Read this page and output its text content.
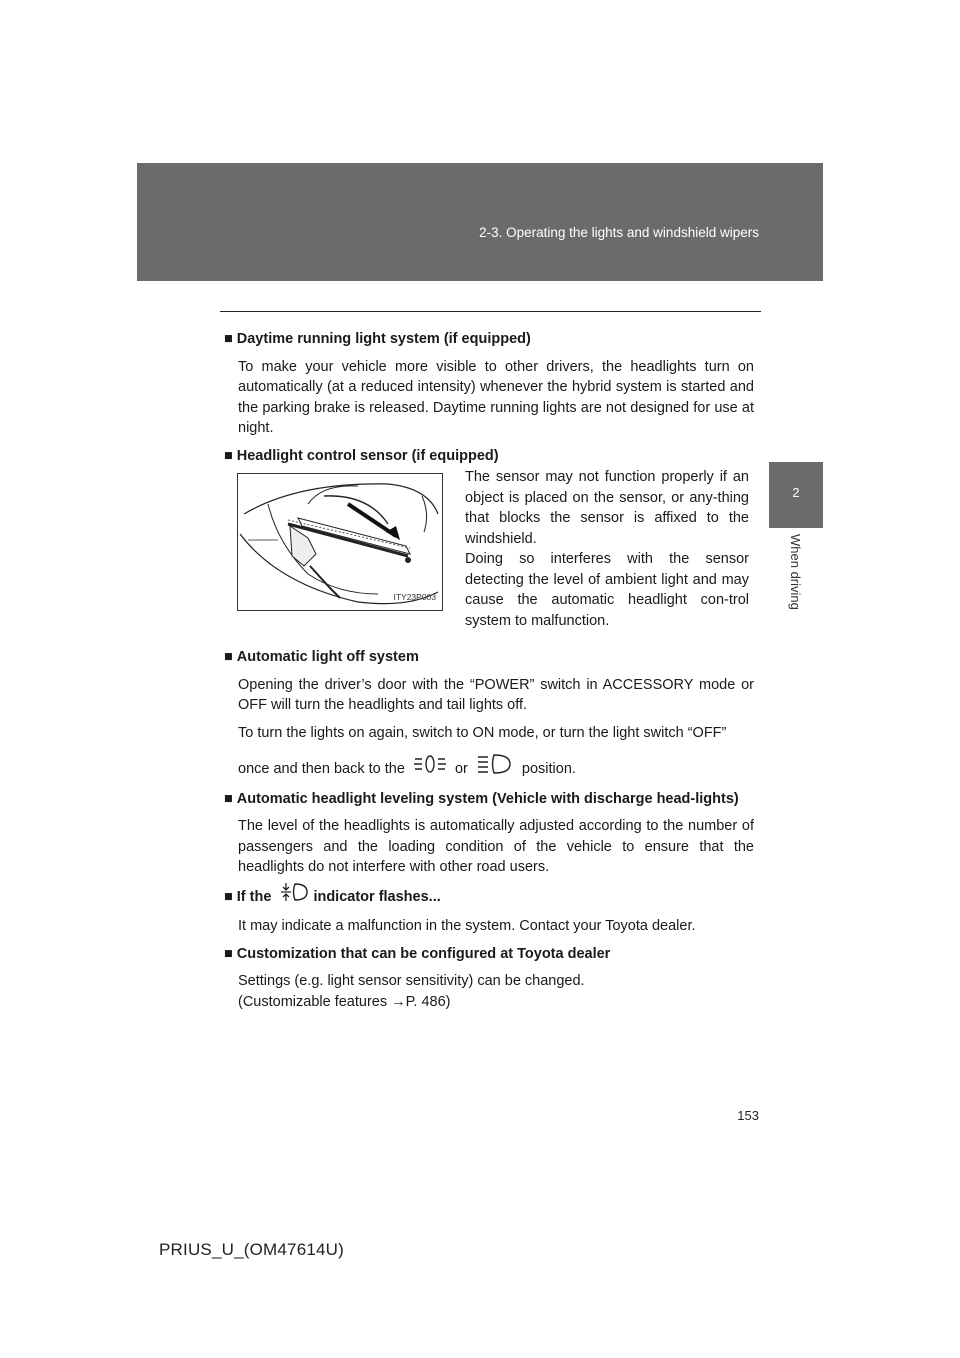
2-3. Operating the lights and windshield wipers
2
When driving
■ Daytime running light system (if equipped)
To make your vehicle more visible to other drivers, the headlights turn on automatically (at a reduced intensity) whenever the hybrid system is started and the parking brake is released. Daytime running lights are not designed for use at night.
■ Headlight control sensor (if equipped)
ITY23P003
The sensor may not function properly if an object is placed on the sensor, or any-thing that blocks the sensor is affixed to the windshield.
Doing so interferes with the sensor detecting the level of ambient light and may cause the automatic headlight con-trol system to malfunction.
■ Automatic light off system
Opening the driver’s door with the “POWER” switch in ACCESSORY mode or OFF will turn the headlights and tail lights off.
To turn the lights on again, switch to ON mode, or turn the light switch “OFF”
once and then back to the	or	position.
■ Automatic headlight leveling system (Vehicle with discharge head-lights)
The level of the headlights is automatically adjusted according to the number of passengers and the loading condition of the vehicle to ensure that the headlights do not interfere with other road users.
■ If the	indicator flashes...
It may indicate a malfunction in the system. Contact your Toyota dealer.
■ Customization that can be configured at Toyota dealer
Settings (e.g. light sensor sensitivity) can be changed.
(Customizable features →P. 486)
153
PRIUS_U_(OM47614U)
